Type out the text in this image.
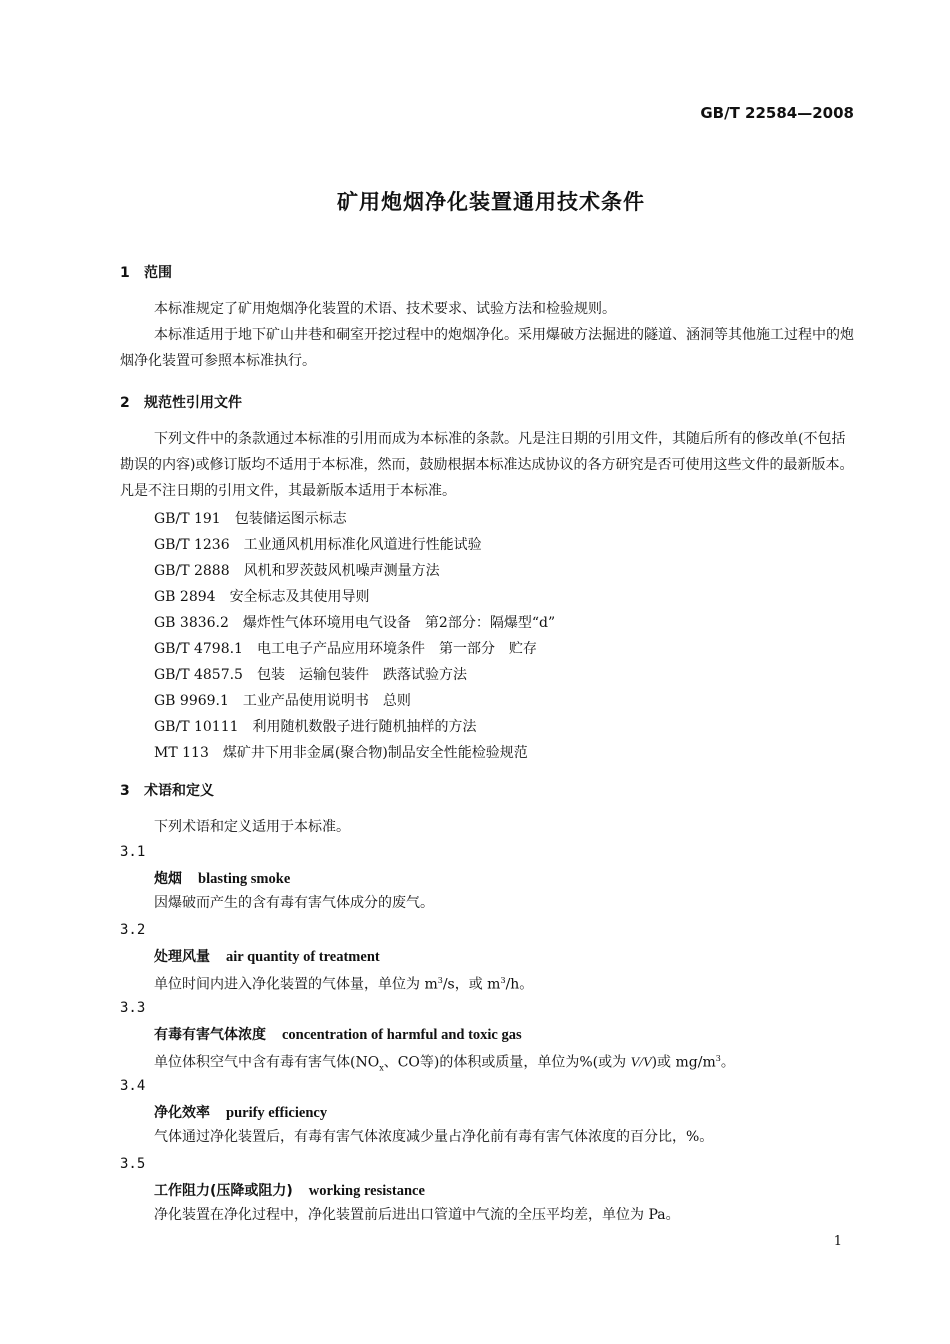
GB/T 22584—2008
矿用炮烟净化装置通用技术条件
1 范围
本标准规定了矿用炮烟净化装置的术语、技术要求、试验方法和检验规则。
本标准适用于地下矿山井巷和硐室开挖过程中的炮烟净化。采用爆破方法掘进的隧道、涵洞等其他施工过程中的炮烟净化装置可参照本标准执行。
2 规范性引用文件
下列文件中的条款通过本标准的引用而成为本标准的条款。凡是注日期的引用文件，其随后所有的修改单(不包括勘误的内容)或修订版均不适用于本标准，然而，鼓励根据本标准达成协议的各方研究是否可使用这些文件的最新版本。凡是不注日期的引用文件，其最新版本适用于本标准。
GB/T 191 包装储运图示标志
GB/T 1236 工业通风机用标准化风道进行性能试验
GB/T 2888 风机和罗茨鼓风机噪声测量方法
GB 2894 安全标志及其使用导则
GB 3836.2 爆炸性气体环境用电气设备　第2部分：隔爆型“d”
GB/T 4798.1 电工电子产品应用环境条件　第一部分　贮存
GB/T 4857.5 包装　运输包装件　跌落试验方法
GB 9969.1 工业产品使用说明书　总则
GB/T 10111 利用随机数骰子进行随机抽样的方法
MT 113 煤矿井下用非金属(聚合物)制品安全性能检验规范
3 术语和定义
下列术语和定义适用于本标准。
3.1
炮烟 blasting smoke
因爆破而产生的含有毒有害气体成分的废气。
3.2
处理风量 air quantity of treatment
单位时间内进入净化装置的气体量，单位为 $m^3/s$，或 $m^3/h$。
3.3
有毒有害气体浓度 concentration of harmful and toxic gas
单位体积空气中含有毒有害气体($NO_x$、CO等)的体积或质量，单位为%(或为 V/V)或 $mg/m^3$。
3.4
净化效率 purify efficiency
气体通过净化装置后，有毒有害气体浓度减少量占净化前有毒有害气体浓度的百分比，%。
3.5
工作阻力(压降或阻力) working resistance
净化装置在净化过程中，净化装置前后进出口管道中气流的全压平均差，单位为 Pa。
1
